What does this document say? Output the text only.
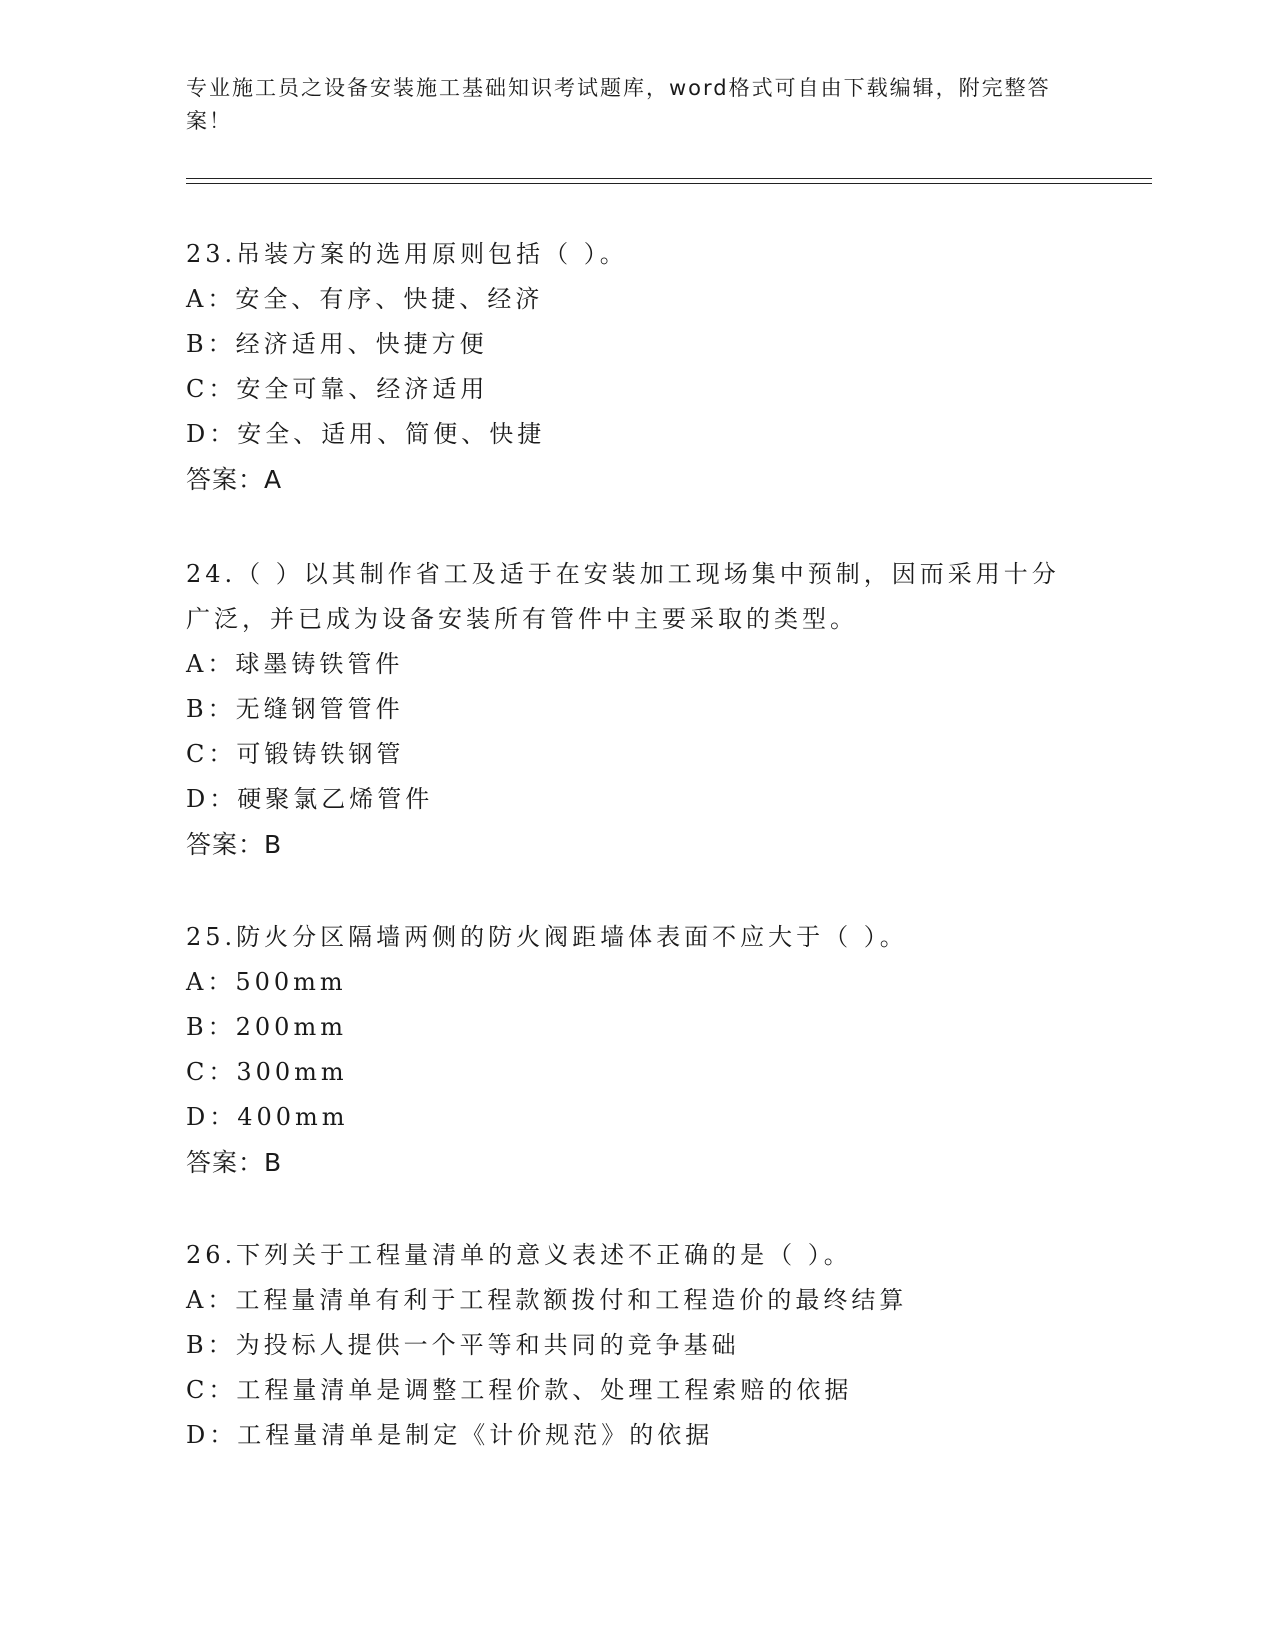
专业施工员之设备安装施工基础知识考试题库，word格式可自由下载编辑，附完整答案！

23.吊装方案的选用原则包括（ ）。

A：安全、有序、快捷、经济

B：经济适用、快捷方便

C：安全可靠、经济适用

D：安全、适用、简便、快捷

答案：A

24.（ ）以其制作省工及适于在安装加工现场集中预制，因而采用十分广泛，并已成为设备安装所有管件中主要采取的类型。

A：球墨铸铁管件

B：无缝钢管管件

C：可锻铸铁钢管

D：硬聚氯乙烯管件

答案：B

25.防火分区隔墙两侧的防火阀距墙体表面不应大于（ ）。

A：500mm

B：200mm

C：300mm

D：400mm

答案：B

26.下列关于工程量清单的意义表述不正确的是（ ）。

A：工程量清单有利于工程款额拨付和工程造价的最终结算

B：为投标人提供一个平等和共同的竞争基础

C：工程量清单是调整工程价款、处理工程索赔的依据

D：工程量清单是制定《计价规范》的依据
